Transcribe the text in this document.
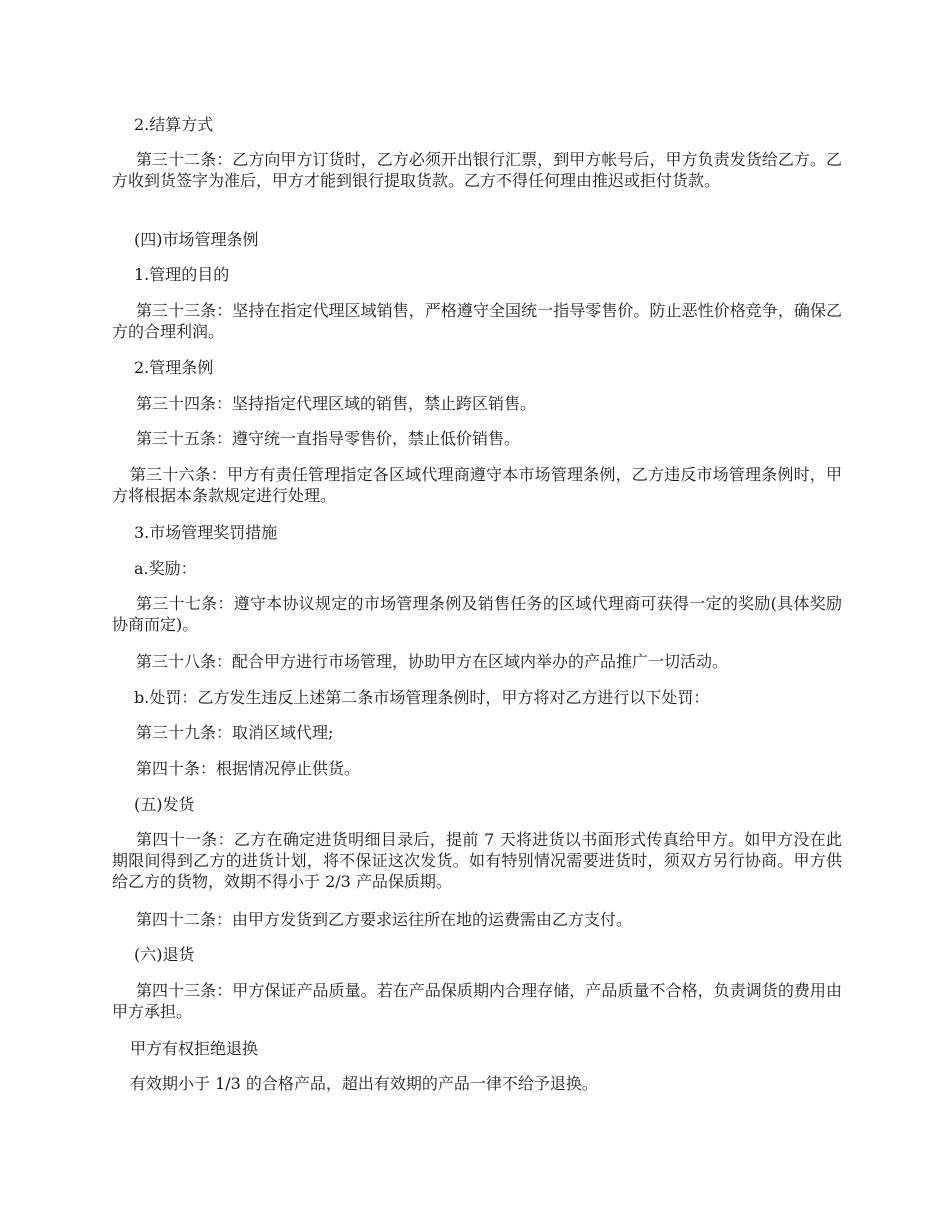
2.结算方式

第三十二条：乙方向甲方订货时，乙方必须开出银行汇票，到甲方帐号后，甲方负责发货给乙方。乙方收到货签字为准后，甲方才能到银行提取货款。乙方不得任何理由推迟或拒付货款。

(四)市场管理条例

1.管理的目的

第三十三条：坚持在指定代理区域销售，严格遵守全国统一指导零售价。防止恶性价格竞争，确保乙方的合理利润。

2.管理条例

第三十四条：坚持指定代理区域的销售，禁止跨区销售。

第三十五条：遵守统一直指导零售价，禁止低价销售。

第三十六条：甲方有责任管理指定各区域代理商遵守本市场管理条例，乙方违反市场管理条例时，甲方将根据本条款规定进行处理。

3.市场管理奖罚措施

a.奖励：

第三十七条：遵守本协议规定的市场管理条例及销售任务的区域代理商可获得一定的奖励(具体奖励协商而定)。

第三十八条：配合甲方进行市场管理，协助甲方在区域内举办的产品推广一切活动。

b.处罚：乙方发生违反上述第二条市场管理条例时，甲方将对乙方进行以下处罚：

第三十九条：取消区域代理;

第四十条：根据情况停止供货。

(五)发货

第四十一条：乙方在确定进货明细目录后，提前 7 天将进货以书面形式传真给甲方。如甲方没在此期限间得到乙方的进货计划，将不保证这次发货。如有特别情况需要进货时，须双方另行协商。甲方供给乙方的货物，效期不得小于 2/3 产品保质期。

第四十二条：由甲方发货到乙方要求运往所在地的运费需由乙方支付。

(六)退货

第四十三条：甲方保证产品质量。若在产品保质期内合理存储，产品质量不合格，负责调货的费用由甲方承担。

甲方有权拒绝退换

有效期小于 1/3 的合格产品，超出有效期的产品一律不给予退换。
